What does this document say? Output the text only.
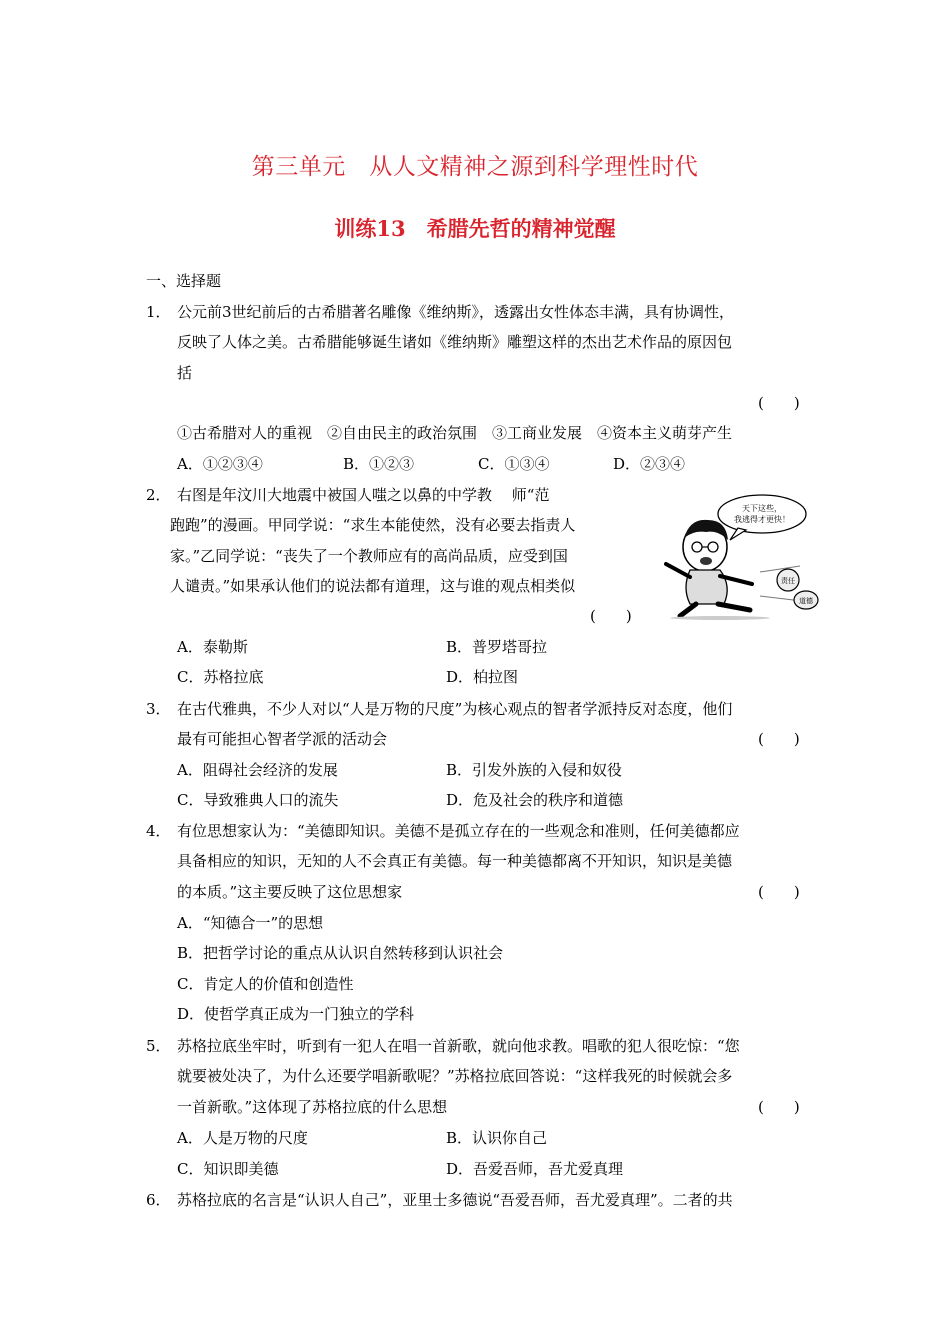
第三单元　从人文精神之源到科学理性时代
训练13　希腊先哲的精神觉醒
一、选择题
1． 公元前3世纪前后的古希腊著名雕像《维纳斯》，透露出女性体态丰满，具有协调性，
反映了人体之美。古希腊能够诞生诸如《维纳斯》雕塑这样的杰出艺术作品的原因包
括
(　　)
①古希腊对人的重视　②自由民主的政治氛围　③工商业发展　④资本主义萌芽产生
A．①②③④	B．①②③	C．①③④	D．②③④
2． 右图是年汶川大地震中被国人嗤之以鼻的中学教　 师“范
跑跑”的漫画。甲同学说：“求生本能使然，没有必要去指责人
家。”乙同学说：“丧失了一个教师应有的高尚品质，应受到国
人谴责。”如果承认他们的说法都有道理，这与谁的观点相类似
(　　)
天下这些，
我逃得才更快！
责任
道德
A．泰勒斯	B．普罗塔哥拉
C．苏格拉底	D．柏拉图
3． 在古代雅典，不少人对以“人是万物的尺度”为核心观点的智者学派持反对态度，他们
最有可能担心智者学派的活动会	(　　)
A．阻碍社会经济的发展	B．引发外族的入侵和奴役
C．导致雅典人口的流失	D．危及社会的秩序和道德
4． 有位思想家认为：“美德即知识。美德不是孤立存在的一些观念和准则，任何美德都应
具备相应的知识，无知的人不会真正有美德。每一种美德都离不开知识，知识是美德
的本质。”这主要反映了这位思想家	(　　)
A．“知德合一”的思想
B．把哲学讨论的重点从认识自然转移到认识社会
C．肯定人的价值和创造性
D．使哲学真正成为一门独立的学科
5． 苏格拉底坐牢时，听到有一犯人在唱一首新歌，就向他求教。唱歌的犯人很吃惊：“您
就要被处决了，为什么还要学唱新歌呢？”苏格拉底回答说：“这样我死的时候就会多
一首新歌。”这体现了苏格拉底的什么思想	(　　)
A．人是万物的尺度	B．认识你自己
C．知识即美德	D．吾爱吾师，吾尤爱真理
6． 苏格拉底的名言是“认识人自己”，亚里士多德说“吾爱吾师，吾尤爱真理”。二者的共
